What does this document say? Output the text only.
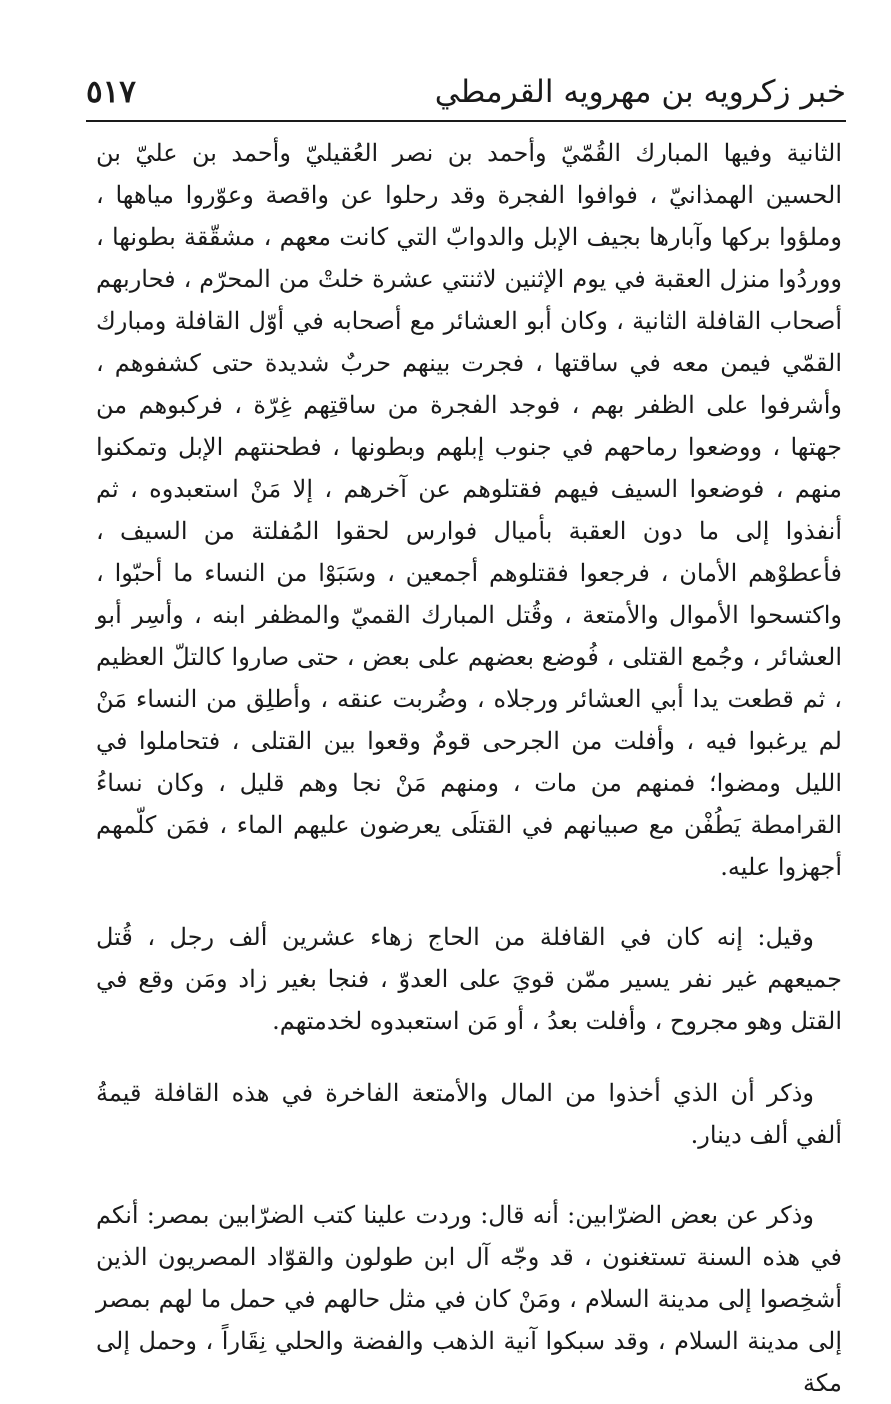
خبر زكرويه بن مهرويه القرمطي
٥١٧

الثانية وفيها المبارك القُمّيّ وأحمد بن نصر العُقيليّ وأحمد بن عليّ بن الحسين الهمذانيّ ، فوافوا الفجرة وقد رحلوا عن واقصة وعوّروا مياهها ، وملؤوا بركها وآبارها بجيف الإبل والدوابّ التي كانت معهم ، مشقّقة بطونها ، ووردُوا منزل العقبة في يوم الإثنين لاثنتي عشرة خلتْ من المحرّم ، فحاربهم أصحاب القافلة الثانية ، وكان أبو العشائر مع أصحابه في أوّل القافلة ومبارك القمّي فيمن معه في ساقتها ، فجرت بينهم حربٌ شديدة حتى كشفوهم ، وأشرفوا على الظفر بهم ، فوجد الفجرة من ساقتِهم غِرّة ، فركبوهم من جهتها ، ووضعوا رماحهم في جنوب إبلهم وبطونها ، فطحنتهم الإبل وتمكنوا منهم ، فوضعوا السيف فيهم فقتلوهم عن آخرهم ، إلا مَنْ استعبدوه ، ثم أنفذوا إلى ما دون العقبة بأميال فوارس لحقوا المُفلتة من السيف ، فأعطوْهم الأمان ، فرجعوا فقتلوهم أجمعين ، وسَبَوْا من النساء ما أحبّوا ، واكتسحوا الأموال والأمتعة ، وقُتل المبارك القميّ والمظفر ابنه ، وأسِر أبو العشائر ، وجُمع القتلى ، فُوضع بعضهم على بعض ، حتى صاروا كالتلّ العظيم ، ثم قطعت يدا أبي العشائر ورجلاه ، وضُربت عنقه ، وأطلِق من النساء مَنْ لم يرغبوا فيه ، وأفلت من الجرحى قومٌ وقعوا بين القتلى ، فتحاملوا في الليل ومضوا؛ فمنهم من مات ، ومنهم مَنْ نجا وهم قليل ، وكان نساءُ القرامطة يَطُفْن مع صبيانهم في القتلَى يعرضون عليهم الماء ، فمَن كلّمهم أجهزوا عليه.

وقيل: إنه كان في القافلة من الحاج زهاء عشرين ألف رجل ، قُتل جميعهم غير نفر يسير ممّن قويَ على العدوّ ، فنجا بغير زاد ومَن وقع في القتل وهو مجروح ، وأفلت بعدُ ، أو مَن استعبدوه لخدمتهم.

وذكر أن الذي أخذوا من المال والأمتعة الفاخرة في هذه القافلة قيمةُ ألفي ألف دينار.

وذكر عن بعض الضرّابين: أنه قال: وردت علينا كتب الضرّابين بمصر: أنكم في هذه السنة تستغنون ، قد وجّه آل ابن طولون والقوّاد المصريون الذين أشخِصوا إلى مدينة السلام ، ومَنْ كان في مثل حالهم في حمل ما لهم بمصر إلى مدينة السلام ، وقد سبكوا آنية الذهب والفضة والحلي نِقَاراً ، وحمل إلى مكة
